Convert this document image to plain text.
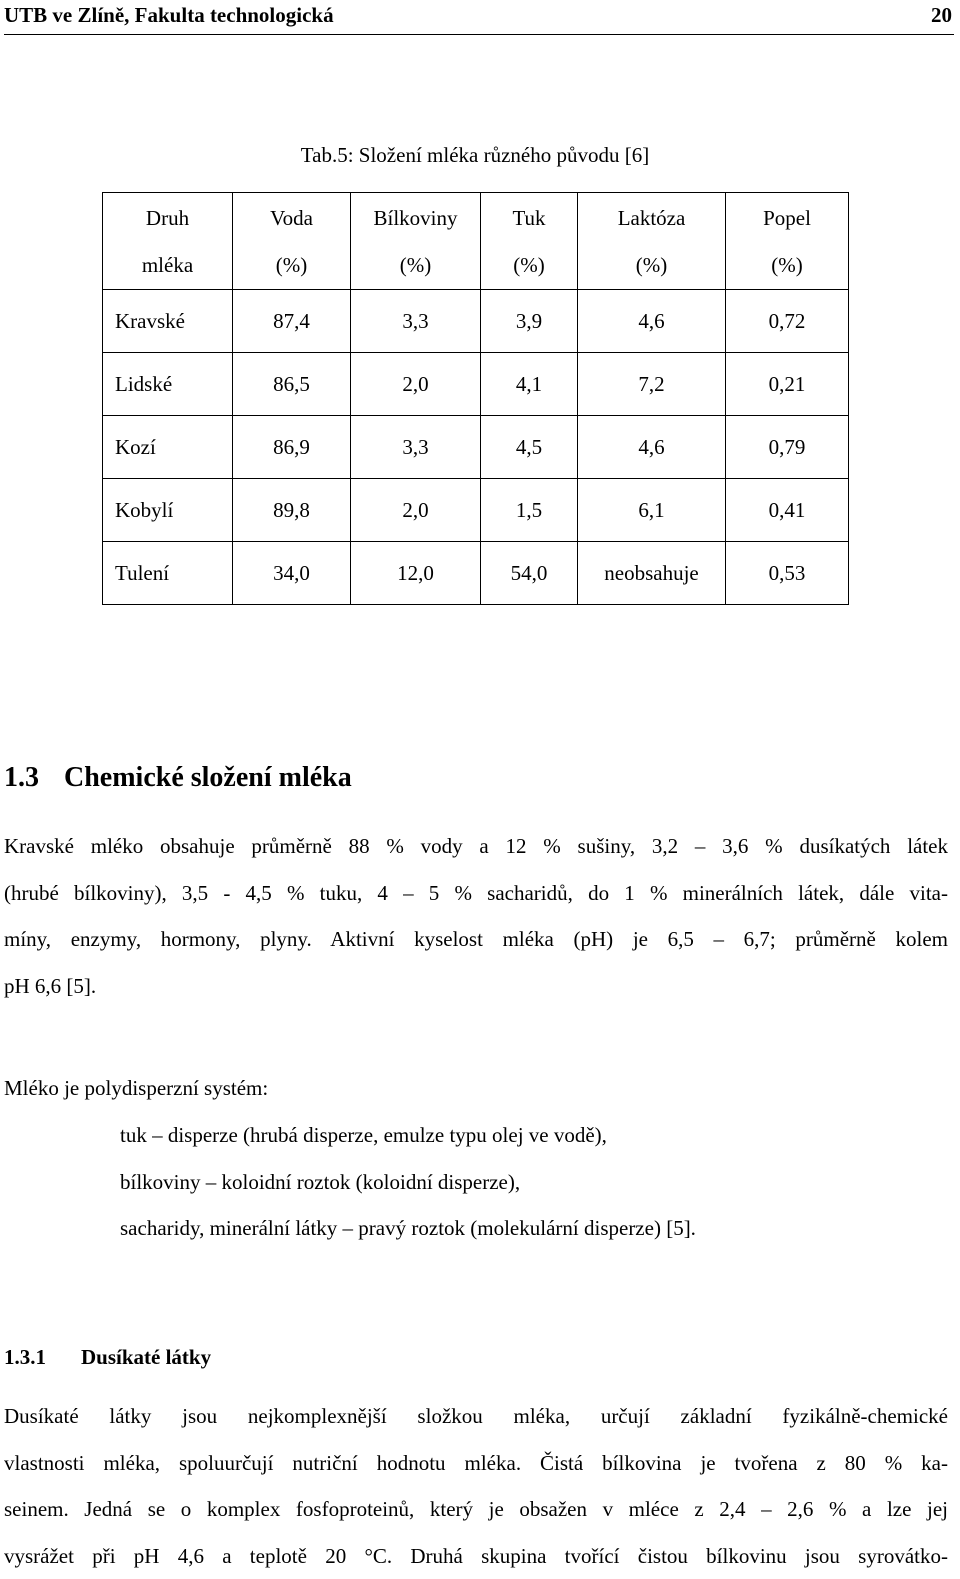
UTB ve Zlíně, Fakulta technologická	20
Tab.5: Složení mléka různého původu [6]
Druh	Voda	Bílkoviny	Tuk	Laktóza	Popel
mléka	(%)	(%)	(%)	(%)	(%)
Kravské	87,4	3,3	3,9	4,6	0,72
Lidské	86,5	2,0	4,1	7,2	0,21
Kozí	86,9	3,3	4,5	4,6	0,79
Kobylí	89,8	2,0	1,5	6,1	0,41
Tulení	34,0	12,0	54,0	neobsahuje	0,53
1.3 Chemické složení mléka
Kravské mléko obsahuje průměrně 88 % vody a 12 % sušiny, 3,2 – 3,6 % dusíkatých látek
(hrubé bílkoviny), 3,5 - 4,5 % tuku, 4 – 5 % sacharidů, do 1 % minerálních látek, dále vita-
míny, enzymy, hormony, plyny. Aktivní kyselost mléka (pH) je 6,5 – 6,7; průměrně kolem
pH 6,6 [5].
Mléko je polydisperzní systém:
tuk – disperze (hrubá disperze, emulze typu olej ve vodě),
bílkoviny – koloidní roztok (koloidní disperze),
sacharidy, minerální látky – pravý roztok (molekulární disperze) [5].
1.3.1 Dusíkaté látky
Dusíkaté látky jsou nejkomplexnější složkou mléka, určují základní fyzikálně-chemické
vlastnosti mléka, spoluurčují nutriční hodnotu mléka. Čistá bílkovina je tvořena z 80 % ka-
seinem. Jedná se o komplex fosfoproteinů, který je obsažen v mléce z 2,4 – 2,6 % a lze jej
vysrážet při pH 4,6 a teplotě 20 °C. Druhá skupina tvořící čistou bílkovinu jsou syrovátko-
